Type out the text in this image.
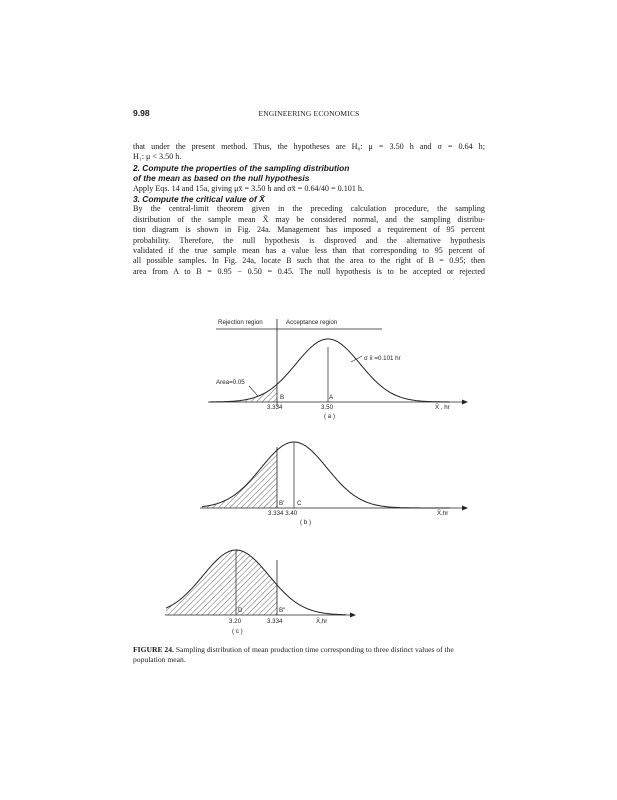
9.98	ENGINEERING ECONOMICS

that under the present method. Thus, the hypotheses are H₀: μ = 3.50 h and σ = 0.64 h;
H₁: μ < 3.50 h.

2. Compute the properties of the sampling distribution
of the mean as based on the null hypothesis

Apply Eqs. 14 and 15a, giving μx̄ = 3.50 h and σx̄ = 0.64/40 = 0.101 h.

3. Compute the critical value of X̄

By the central-limit theorem given in the preceding calculation procedure, the sampling
distribution of the sample mean X̄ may be considered normal, and the sampling distribu-
tion diagram is shown in Fig. 24a. Management has imposed a requirement of 95 percent
probability. Therefore, the null hypothesis is disproved and the alternative hypothesis
validated if the true sample mean has a value less than that corresponding to 95 percent of
all possible samples. In Fig. 24a, locate B such that the area to the right of B = 0.95; then
area from A to B = 0.95 − 0.50 = 0.45. The null hypothesis is to be accepted or rejected

Rejection region	Acceptance region
σ x̄ =0.101 hr
Area=0.05
B	A
3.334	3.50	X̄ , hr
( a )
B' C
3.334 3.40	X̄,hr
( b )
D	B"
3.20	3.334	X̄,hr
( c )
FIGURE 24. Sampling distribution of mean production time corresponding to three distinct values of the population mean.
